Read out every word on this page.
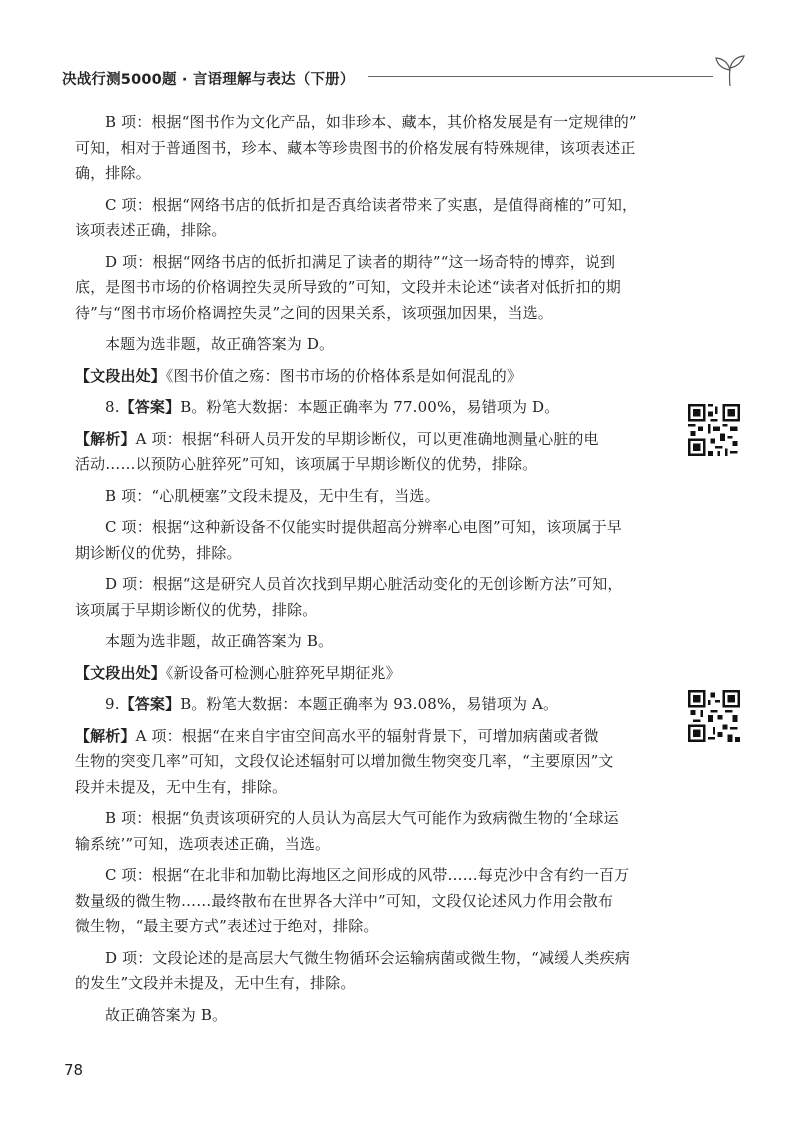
决战行测5000题 · 言语理解与表达（下册）
B 项：根据“图书作为文化产品，如非珍本、藏本，其价格发展是有一定规律的”
可知，相对于普通图书，珍本、藏本等珍贵图书的价格发展有特殊规律，该项表述正
确，排除。
C 项：根据“网络书店的低折扣是否真给读者带来了实惠，是值得商榷的”可知，
该项表述正确，排除。
D 项：根据“网络书店的低折扣满足了读者的期待”“这一场奇特的博弈，说到
底，是图书市场的价格调控失灵所导致的”可知，文段并未论述“读者对低折扣的期
待”与“图书市场价格调控失灵”之间的因果关系，该项强加因果，当选。
本题为选非题，故正确答案为 D。
【文段出处】《图书价值之殇：图书市场的价格体系是如何混乱的》
8.【答案】B。粉笔大数据：本题正确率为 77.00%，易错项为 D。
【解析】A 项：根据“科研人员开发的早期诊断仪，可以更准确地测量心脏的电
活动……以预防心脏猝死”可知，该项属于早期诊断仪的优势，排除。
B 项：“心肌梗塞”文段未提及，无中生有，当选。
C 项：根据“这种新设备不仅能实时提供超高分辨率心电图”可知，该项属于早
期诊断仪的优势，排除。
D 项：根据“这是研究人员首次找到早期心脏活动变化的无创诊断方法”可知，
该项属于早期诊断仪的优势，排除。
本题为选非题，故正确答案为 B。
【文段出处】《新设备可检测心脏猝死早期征兆》
9.【答案】B。粉笔大数据：本题正确率为 93.08%，易错项为 A。
【解析】A 项：根据“在来自宇宙空间高水平的辐射背景下，可增加病菌或者微
生物的突变几率”可知，文段仅论述辐射可以增加微生物突变几率，“主要原因”文
段并未提及，无中生有，排除。
B 项：根据“负责该项研究的人员认为高层大气可能作为致病微生物的‘全球运
输系统’”可知，选项表述正确，当选。
C 项：根据“在北非和加勒比海地区之间形成的风带……每克沙中含有约一百万
数量级的微生物……最终散布在世界各大洋中”可知，文段仅论述风力作用会散布
微生物，“最主要方式”表述过于绝对，排除。
D 项：文段论述的是高层大气微生物循环会运输病菌或微生物，“减缓人类疾病
的发生”文段并未提及，无中生有，排除。
故正确答案为 B。
78
